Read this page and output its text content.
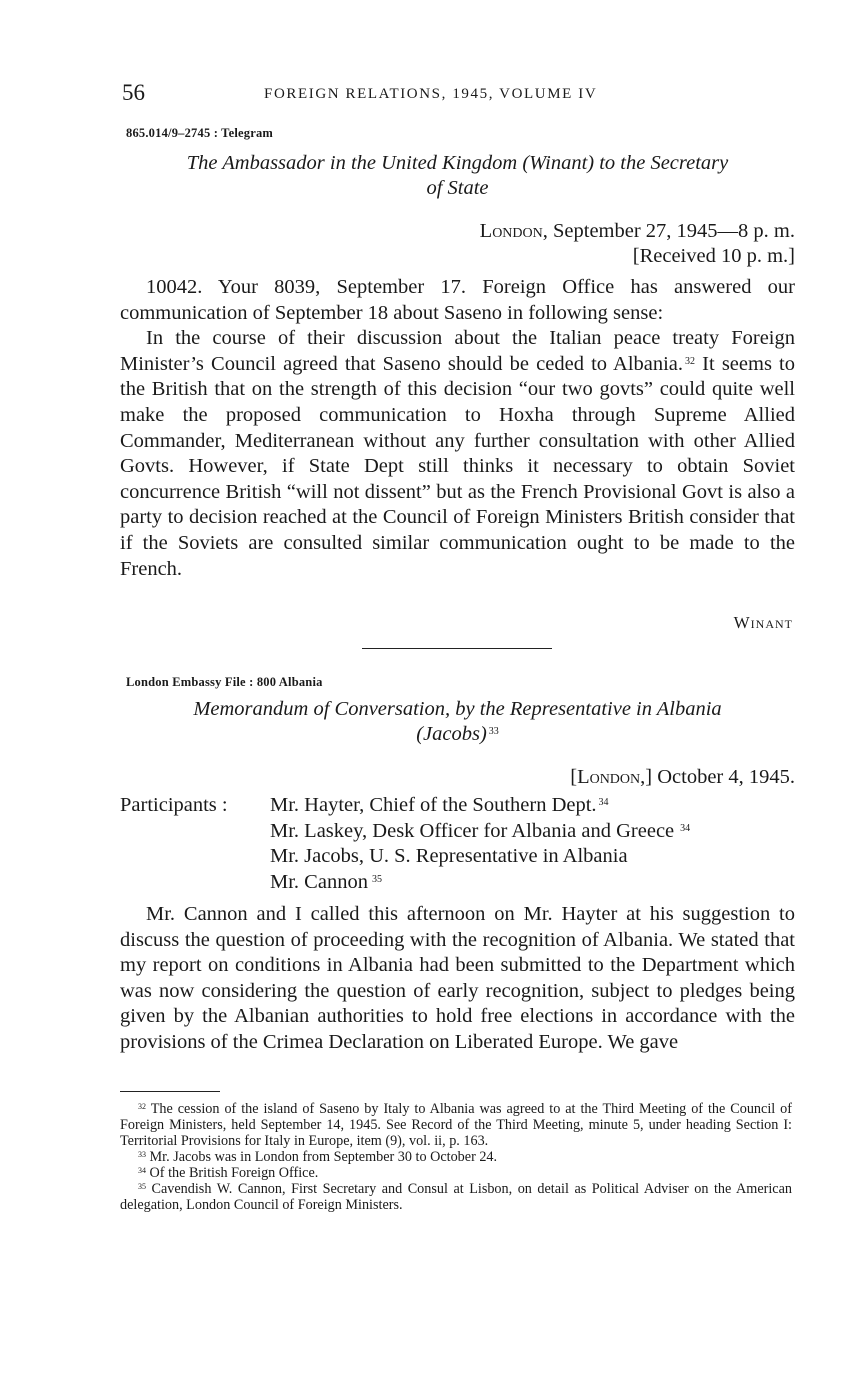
56	FOREIGN RELATIONS, 1945, VOLUME IV
865.014/9–2745 : Telegram
The Ambassador in the United Kingdom (Winant) to the Secretary
of State
London, September 27, 1945—8 p. m.
[Received 10 p. m.]

10042. Your 8039, September 17. Foreign Office has answered our communication of September 18 about Saseno in following sense:

In the course of their discussion about the Italian peace treaty Foreign Minister’s Council agreed that Saseno should be ceded to Albania. $^{32}$ It seems to the British that on the strength of this decision “our two govts” could quite well make the proposed communication to Hoxha through Supreme Allied Commander, Mediterranean without any further consultation with other Allied Govts. However, if State Dept still thinks it necessary to obtain Soviet concurrence British “will not dissent” but as the French Provisional Govt is also a party to decision reached at the Council of Foreign Ministers British consider that if the Soviets are consulted similar communication ought to be made to the French.

Winant
London Embassy File : 800 Albania
Memorandum of Conversation, by the Representative in Albania
(Jacobs) $^{33}$
[London,] October 4, 1945.
Participants : Mr. Hayter, Chief of the Southern Dept. $^{34}$
Mr. Laskey, Desk Officer for Albania and Greece $^{34}$
Mr. Jacobs, U. S. Representative in Albania
Mr. Cannon $^{35}$

Mr. Cannon and I called this afternoon on Mr. Hayter at his suggestion to discuss the question of proceeding with the recognition of Albania. We stated that my report on conditions in Albania had been submitted to the Department which was now considering the question of early recognition, subject to pledges being given by the Albanian authorities to hold free elections in accordance with the provisions of the Crimea Declaration on Liberated Europe. We gave

$^{32}$ The cession of the island of Saseno by Italy to Albania was agreed to at the Third Meeting of the Council of Foreign Ministers, held September 14, 1945. See Record of the Third Meeting, minute 5, under heading Section I: Territorial Provisions for Italy in Europe, item (9), vol. ii, p. 163.

$^{33}$ Mr. Jacobs was in London from September 30 to October 24.

$^{34}$ Of the British Foreign Office.

$^{35}$ Cavendish W. Cannon, First Secretary and Consul at Lisbon, on detail as Political Adviser on the American delegation, London Council of Foreign Ministers.
